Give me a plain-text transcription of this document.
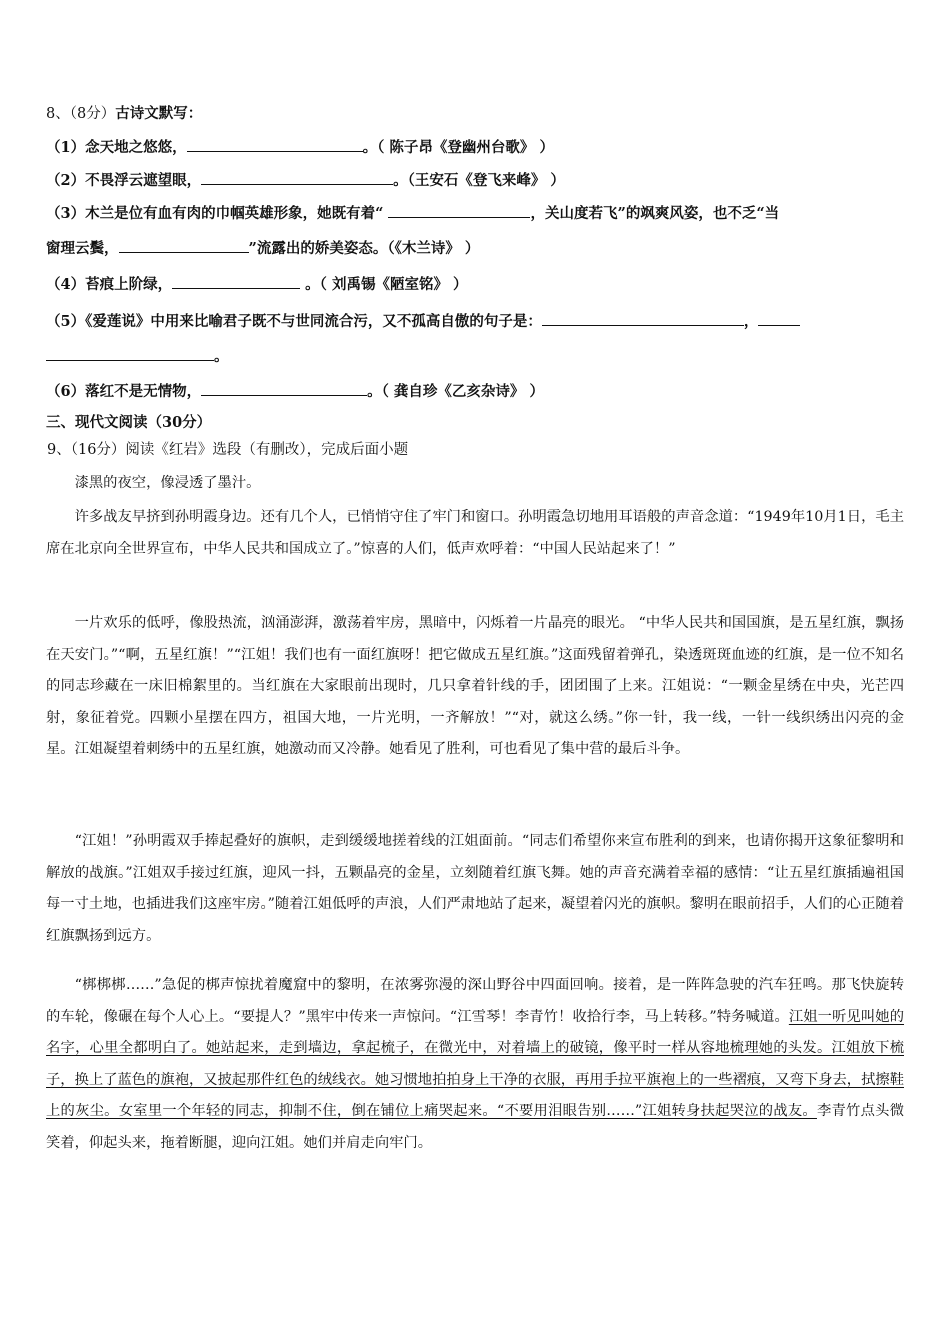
8、（8分）古诗文默写：
（1）念天地之悠悠，	。（ 陈子昂《登幽州台歌》 ）
（2）不畏浮云遮望眼，	。（王安石《登飞来峰》 ）
（3）木兰是位有血有肉的巾帼英雄形象，她既有着“	，关山度若飞”的飒爽风姿，也不乏“当
窗理云鬓，	”流露出的娇美姿态。（《木兰诗》 ）
（4）苔痕上阶绿，	。（ 刘禹锡《陋室铭》 ）
（5）《爱莲说》中用来比喻君子既不与世同流合污，又不孤高自傲的句子是：	，
。
（6）落红不是无情物，	。（ 龚自珍《乙亥杂诗》 ）
三、现代文阅读（30分）
9、（16分）阅读《红岩》选段（有删改），完成后面小题
漆黑的夜空，像浸透了墨汁。
许多战友早挤到孙明霞身边。还有几个人，已悄悄守住了牢门和窗口。孙明霞急切地用耳语般的声音念道：“1949年10月1日，毛主席在北京向全世界宣布，中华人民共和国成立了。”惊喜的人们，低声欢呼着：“中国人民站起来了！”
一片欢乐的低呼，像股热流，汹涌澎湃，激荡着牢房，黑暗中，闪烁着一片晶亮的眼光。 “中华人民共和国国旗，是五星红旗，飘扬在天安门。”“啊，五星红旗！”“江姐！我们也有一面红旗呀！把它做成五星红旗。”这面残留着弹孔，染透斑斑血迹的红旗，是一位不知名的同志珍藏在一床旧棉絮里的。当红旗在大家眼前出现时，几只拿着针线的手，团团围了上来。江姐说：“一颗金星绣在中央，光芒四射，象征着党。四颗小星摆在四方，祖国大地，一片光明，一齐解放！”“对，就这么绣。”你一针，我一线，一针一线织绣出闪亮的金星。江姐凝望着刺绣中的五星红旗，她激动而又冷静。她看见了胜利，可也看见了集中营的最后斗争。
“江姐！”孙明霞双手捧起叠好的旗帜，走到缓缓地搓着线的江姐面前。“同志们希望你来宣布胜利的到来，也请你揭开这象征黎明和解放的战旗。”江姐双手接过红旗，迎风一抖，五颗晶亮的金星，立刻随着红旗飞舞。她的声音充满着幸福的感情：“让五星红旗插遍祖国每一寸土地，也插进我们这座牢房。”随着江姐低呼的声浪，人们严肃地站了起来，凝望着闪光的旗帜。黎明在眼前招手，人们的心正随着红旗飘扬到远方。
“梆梆梆……”急促的梆声惊扰着魔窟中的黎明，在浓雾弥漫的深山野谷中四面回响。接着，是一阵阵急驶的汽车狂鸣。那飞快旋转的车轮，像碾在每个人心上。“要提人？”黑牢中传来一声惊问。“江雪琴！李青竹！收拾行李，马上转移。”特务喊道。江姐一听见叫她的名字，心里全都明白了。她站起来，走到墙边，拿起梳子，在微光中，对着墙上的破镜，像平时一样从容地梳理她的头发。江姐放下梳子，换上了蓝色的旗袍，又披起那件红色的绒线衣。她习惯地拍拍身上干净的衣服，再用手拉平旗袍上的一些褶痕，又弯下身去，拭擦鞋上的灰尘。女室里一个年轻的同志，抑制不住，倒在铺位上痛哭起来。“不要用泪眼告别……”江姐转身扶起哭泣的战友。李青竹点头微笑着，仰起头来，拖着断腿，迎向江姐。她们并肩走向牢门。
